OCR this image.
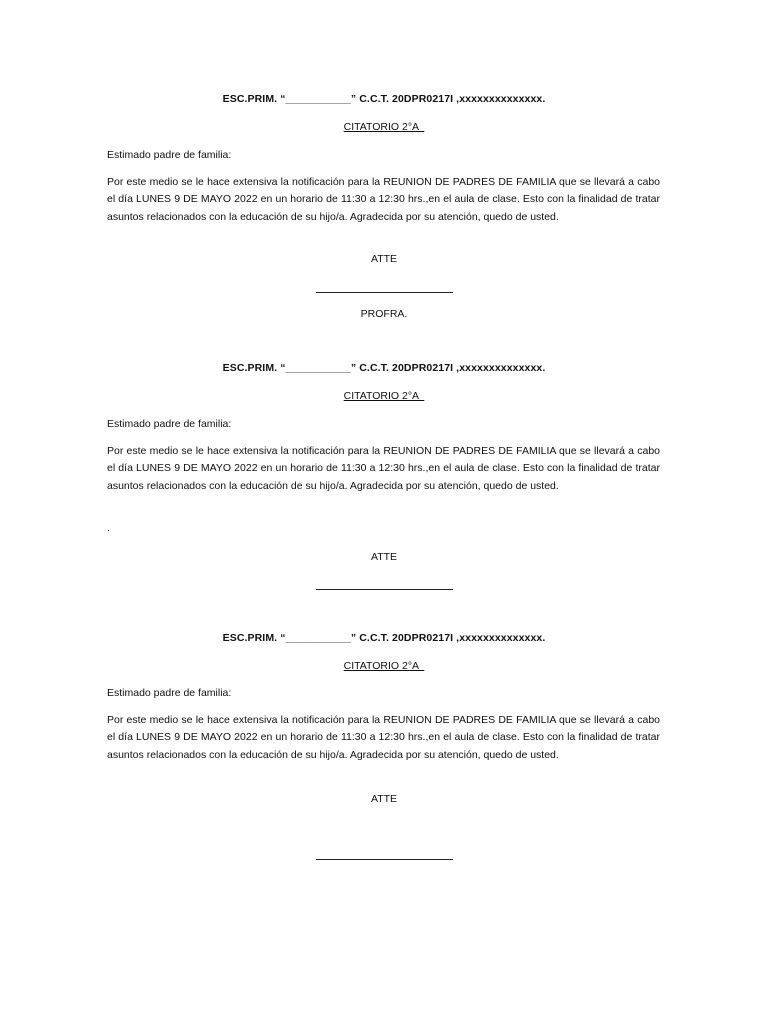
ESC.PRIM. “___________” C.C.T. 20DPR0217I ,xxxxxxxxxxxxxx.
CITATORIO 2°A
Estimado padre de familia:
Por este medio se le hace extensiva la notificación para la REUNION DE PADRES DE FAMILIA que se llevará a cabo el día LUNES 9 DE MAYO 2022 en un horario de 11:30 a 12:30 hrs.,en el aula de clase. Esto con la finalidad de tratar asuntos relacionados con la educación de su hijo/a. Agradecida por su atención, quedo de usted.
ATTE
PROFRA.
ESC.PRIM. “___________” C.C.T. 20DPR0217I ,xxxxxxxxxxxxxx.
CITATORIO 2°A
Estimado padre de familia:
Por este medio se le hace extensiva la notificación para la REUNION DE PADRES DE FAMILIA que se llevará a cabo el día LUNES 9 DE MAYO 2022 en un horario de 11:30 a 12:30 hrs.,en el aula de clase. Esto con la finalidad de tratar asuntos relacionados con la educación de su hijo/a. Agradecida por su atención, quedo de usted.
.
ATTE
ESC.PRIM. “___________” C.C.T. 20DPR0217I ,xxxxxxxxxxxxxx.
CITATORIO 2°A
Estimado padre de familia:
Por este medio se le hace extensiva la notificación para la REUNION DE PADRES DE FAMILIA que se llevará a cabo el día LUNES 9 DE MAYO 2022 en un horario de 11:30 a 12:30 hrs.,en el aula de clase. Esto con la finalidad de tratar asuntos relacionados con la educación de su hijo/a. Agradecida por su atención, quedo de usted.
ATTE
